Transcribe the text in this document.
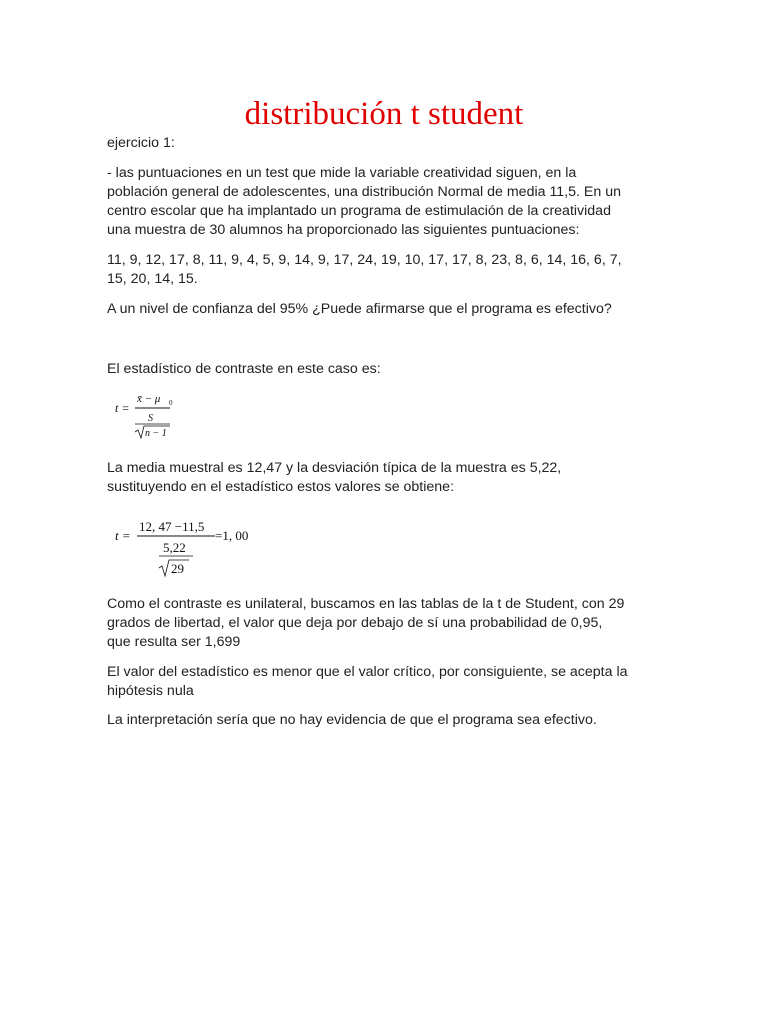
distribución t student
ejercicio 1:
- las puntuaciones en un test que mide la variable creatividad siguen, en la
población general de adolescentes, una distribución Normal de media 11,5. En un
centro escolar que ha implantado un programa de estimulación de la creatividad
una muestra de 30 alumnos ha proporcionado las siguientes puntuaciones:
11, 9, 12, 17, 8, 11, 9, 4, 5, 9, 14, 9, 17, 24, 19, 10, 17, 17, 8, 23, 8, 6, 14, 16, 6, 7,
15, 20, 14, 15.
A un nivel de confianza del 95% ¿Puede afirmarse que el programa es efectivo?
El estadístico de contraste en este caso es:
t =
x̄ − μ 0
S
n − 1
La media muestral es 12,47 y la desviación típica de la muestra es 5,22,
sustituyendo en el estadístico estos valores se obtiene:
t =
12, 47 −11,5
5,22
29
=1, 00
Como el contraste es unilateral, buscamos en las tablas de la t de Student, con 29
grados de libertad, el valor que deja por debajo de sí una probabilidad de 0,95,
que resulta ser 1,699
El valor del estadístico es menor que el valor crítico, por consiguiente, se acepta la
hipótesis nula
La interpretación sería que no hay evidencia de que el programa sea efectivo.
